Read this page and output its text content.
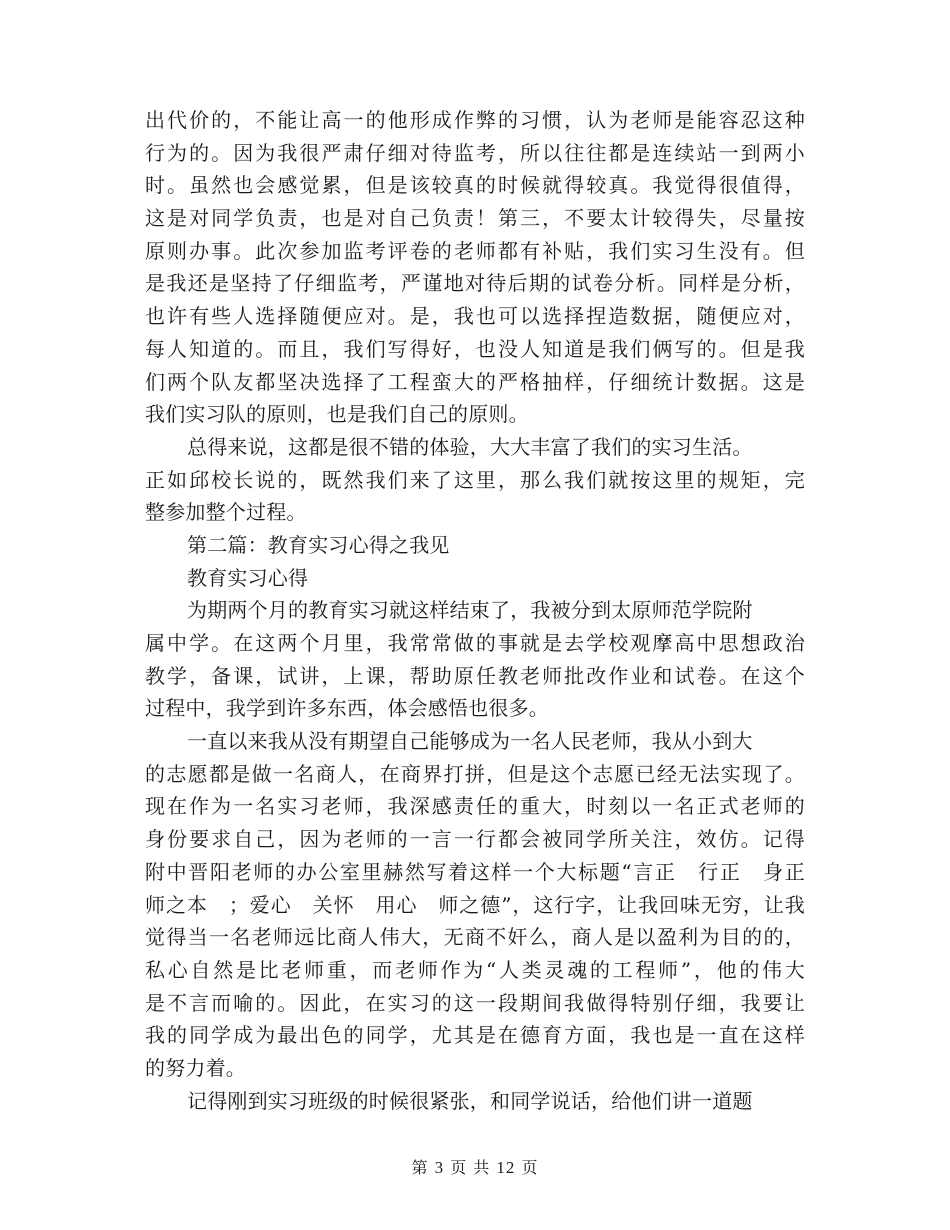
出代价的，不能让高一的他形成作弊的习惯，认为老师是能容忍这种
行为的。因为我很严肃仔细对待监考，所以往往都是连续站一到两小
时。虽然也会感觉累，但是该较真的时候就得较真。我觉得很值得，
这是对同学负责，也是对自己负责！第三，不要太计较得失，尽量按
原则办事。此次参加监考评卷的老师都有补贴，我们实习生没有。但
是我还是坚持了仔细监考，严谨地对待后期的试卷分析。同样是分析，
也许有些人选择随便应对。是，我也可以选择捏造数据，随便应对，
每人知道的。而且，我们写得好，也没人知道是我们俩写的。但是我
们两个队友都坚决选择了工程蛮大的严格抽样，仔细统计数据。这是
我们实习队的原则，也是我们自己的原则。
总得来说，这都是很不错的体验，大大丰富了我们的实习生活。
正如邱校长说的，既然我们来了这里，那么我们就按这里的规矩，完
整参加整个过程。
第二篇：教育实习心得之我见
教育实习心得
为期两个月的教育实习就这样结束了，我被分到太原师范学院附
属中学。在这两个月里，我常常做的事就是去学校观摩高中思想政治
教学，备课，试讲，上课，帮助原任教老师批改作业和试卷。在这个
过程中，我学到许多东西，体会感悟也很多。
一直以来我从没有期望自己能够成为一名人民老师，我从小到大
的志愿都是做一名商人，在商界打拼，但是这个志愿已经无法实现了。
现在作为一名实习老师，我深感责任的重大，时刻以一名正式老师的
身份要求自己，因为老师的一言一行都会被同学所关注，效仿。记得
附中晋阳老师的办公室里赫然写着这样一个大标题“言正　行正　身正
师之本　；爱心　关怀　用心　师之德”，这行字，让我回味无穷，让我
觉得当一名老师远比商人伟大，无商不奸么，商人是以盈利为目的的，
私心自然是比老师重，而老师作为“人类灵魂的工程师”，他的伟大
是不言而喻的。因此，在实习的这一段期间我做得特别仔细，我要让
我的同学成为最出色的同学，尤其是在德育方面，我也是一直在这样
的努力着。
记得刚到实习班级的时候很紧张，和同学说话，给他们讲一道题
第 3 页 共 12 页
